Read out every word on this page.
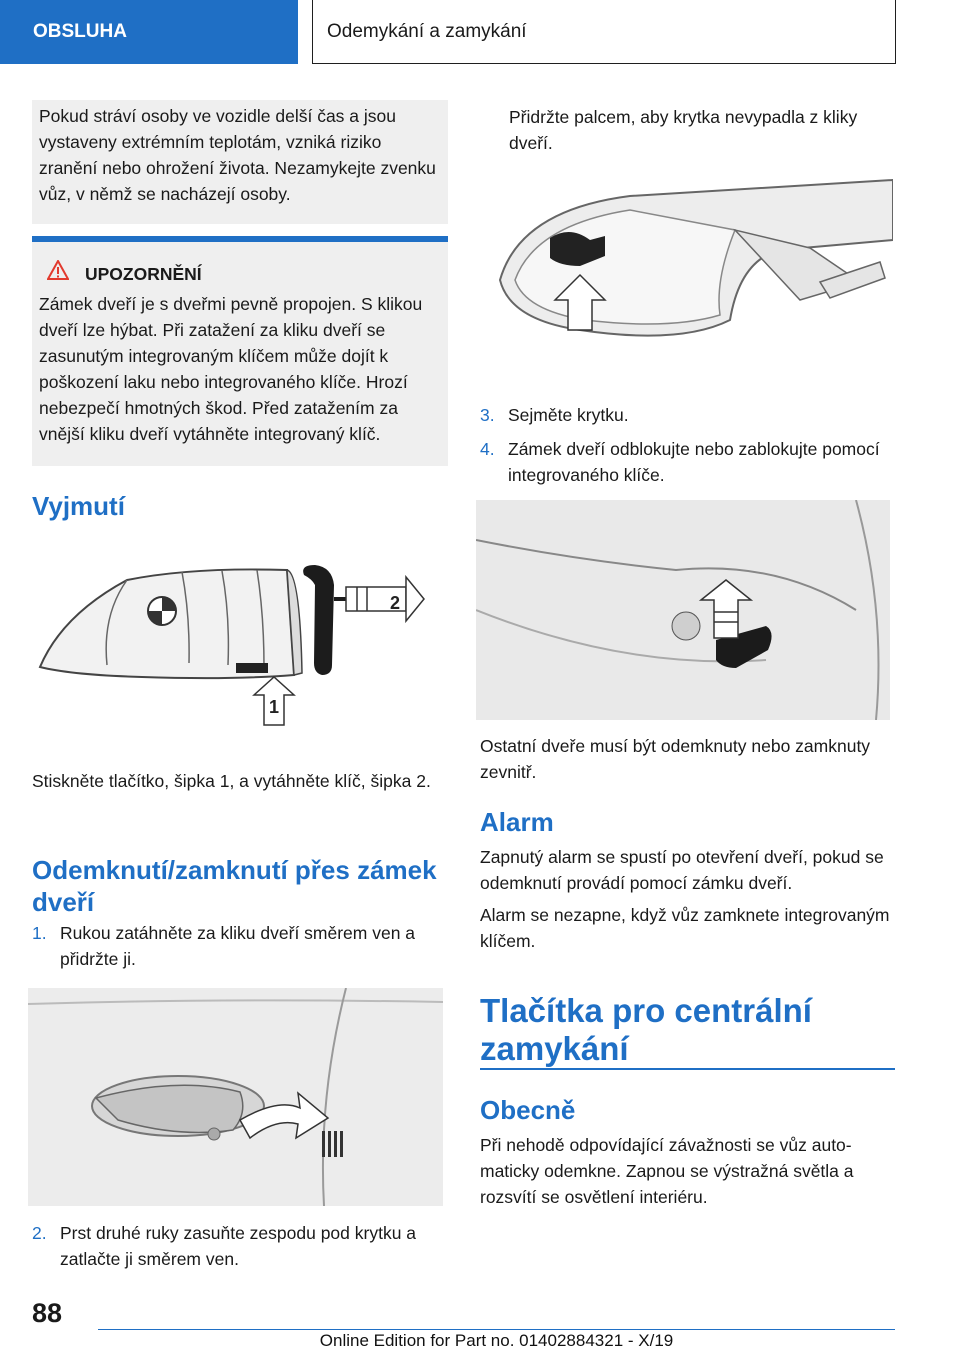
OBSLUHA	Odemykání a zamykání
Pokud stráví osoby ve vozidle delší čas a jsou vystaveny extrémním teplotám, vzniká riziko zranění nebo ohrožení života. Nezamykejte zvenku vůz, v němž se nacházejí osoby.
UPOZORNĚNÍ
Zámek dveří je s dveřmi pevně propojen. S klikou dveří lze hýbat. Při zatažení za kliku dveří se zasunutým integrovaným klíčem může dojít k poškození laku nebo integrovaného klíče. Hrozí nebezpečí hmotných škod. Před zatažením za vnější kliku dveří vytáhněte integrovaný klíč.
Vyjmutí
2
1
Stiskněte tlačítko, šipka 1, a vytáhněte klíč, šipka 2.
Odemknutí/zamknutí přes zámek dveří
1. Rukou zatáhněte za kliku dveří směrem ven a přidržte ji.
2. Prst druhé ruky zasuňte zespodu pod krytku a zatlačte ji směrem ven.
Přidržte palcem, aby krytka nevypadla z kliky dveří.
3. Sejměte krytku.
4. Zámek dveří odblokujte nebo zablokujte pomocí integrovaného klíče.
Ostatní dveře musí být odemknuty nebo zamknuty zevnitř.
Alarm
Zapnutý alarm se spustí po otevření dveří, pokud se odemknutí provádí pomocí zámku dveří.
Alarm se nezapne, když vůz zamknete integrovaným klíčem.
Tlačítka pro centrální zamykání
Obecně
Při nehodě odpovídající závažnosti se vůz automaticky odemkne. Zapnou se výstražná světla a rozsvítí se osvětlení interiéru.
88
Online Edition for Part no. 01402884321 - X/19
